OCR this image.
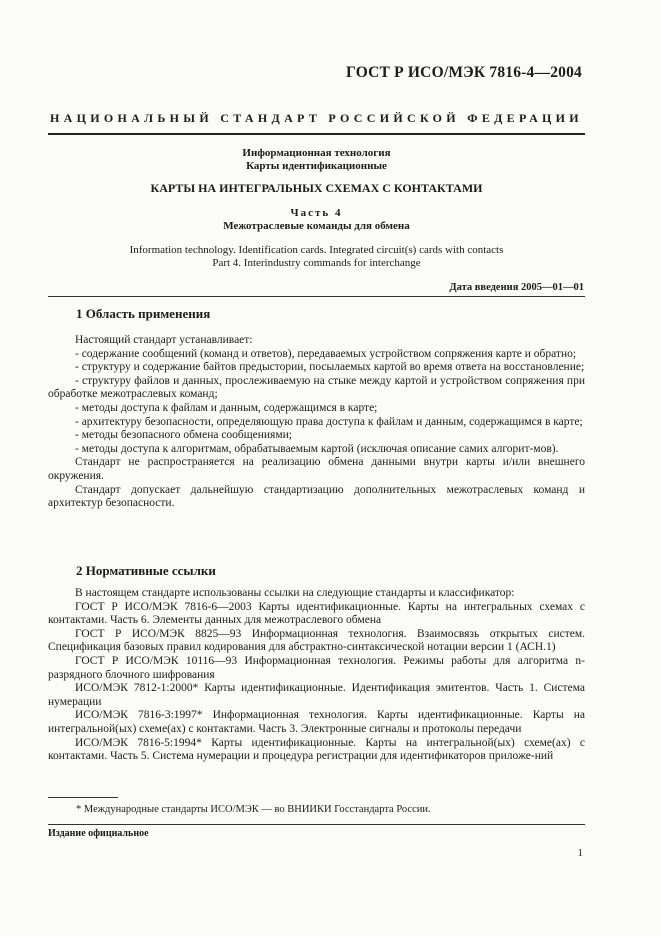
ГОСТ Р ИСО/МЭК 7816-4—2004
НАЦИОНАЛЬНЫЙ СТАНДАРТ РОССИЙСКОЙ ФЕДЕРАЦИИ
Информационная технология
Карты идентификационные
КАРТЫ НА ИНТЕГРАЛЬНЫХ СХЕМАХ С КОНТАКТАМИ
Часть 4
Межотраслевые команды для обмена
Information technology. Identification cards. Integrated circuit(s) cards with contacts
Part 4. Interindustry commands for interchange
Дата введения 2005—01—01
1 Область применения

Настоящий стандарт устанавливает:

- содержание сообщений (команд и ответов), передаваемых устройством сопряжения карте и обратно;

- структуру и содержание байтов предыстории, посылаемых картой во время ответа на восстановление;

- структуру файлов и данных, прослеживаемую на стыке между картой и устройством сопряжения при обработке межотраслевых команд;

- методы доступа к файлам и данным, содержащимся в карте;

- архитектуру безопасности, определяющую права доступа к файлам и данным, содержащимся в карте;

- методы безопасного обмена сообщениями;

- методы доступа к алгоритмам, обрабатываемым картой (исключая описание самих алгорит-мов).

Стандарт не распространяется на реализацию обмена данными внутри карты и/или внешнего окружения.

Стандарт допускает дальнейшую стандартизацию дополнительных межотраслевых команд и архитектур безопасности.

2 Нормативные ссылки

В настоящем стандарте использованы ссылки на следующие стандарты и классификатор:

ГОСТ Р ИСО/МЭК 7816-6—2003 Карты идентификационные. Карты на интегральных схемах с контактами. Часть 6. Элементы данных для межотраслевого обмена

ГОСТ Р ИСО/МЭК 8825—93 Информационная технология. Взаимосвязь открытых систем. Спецификация базовых правил кодирования для абстрактно-синтаксической нотации версии 1 (АСН.1)

ГОСТ Р ИСО/МЭК 10116—93 Информационная технология. Режимы работы для алгоритма n-разрядного блочного шифрования

ИСО/МЭК 7812-1:2000* Карты идентификационные. Идентификация эмитентов. Часть 1. Система нумерации

ИСО/МЭК 7816-3:1997* Информационная технология. Карты идентификационные. Карты на интегральной(ых) схеме(ах) с контактами. Часть 3. Электронные сигналы и протоколы передачи

ИСО/МЭК 7816-5:1994* Карты идентификационные. Карты на интегральной(ых) схеме(ах) с контактами. Часть 5. Система нумерации и процедура регистрации для идентификаторов приложе-ний

* Международные стандарты ИСО/МЭК — во ВНИИКИ Госстандарта России.
Издание официальное
1
